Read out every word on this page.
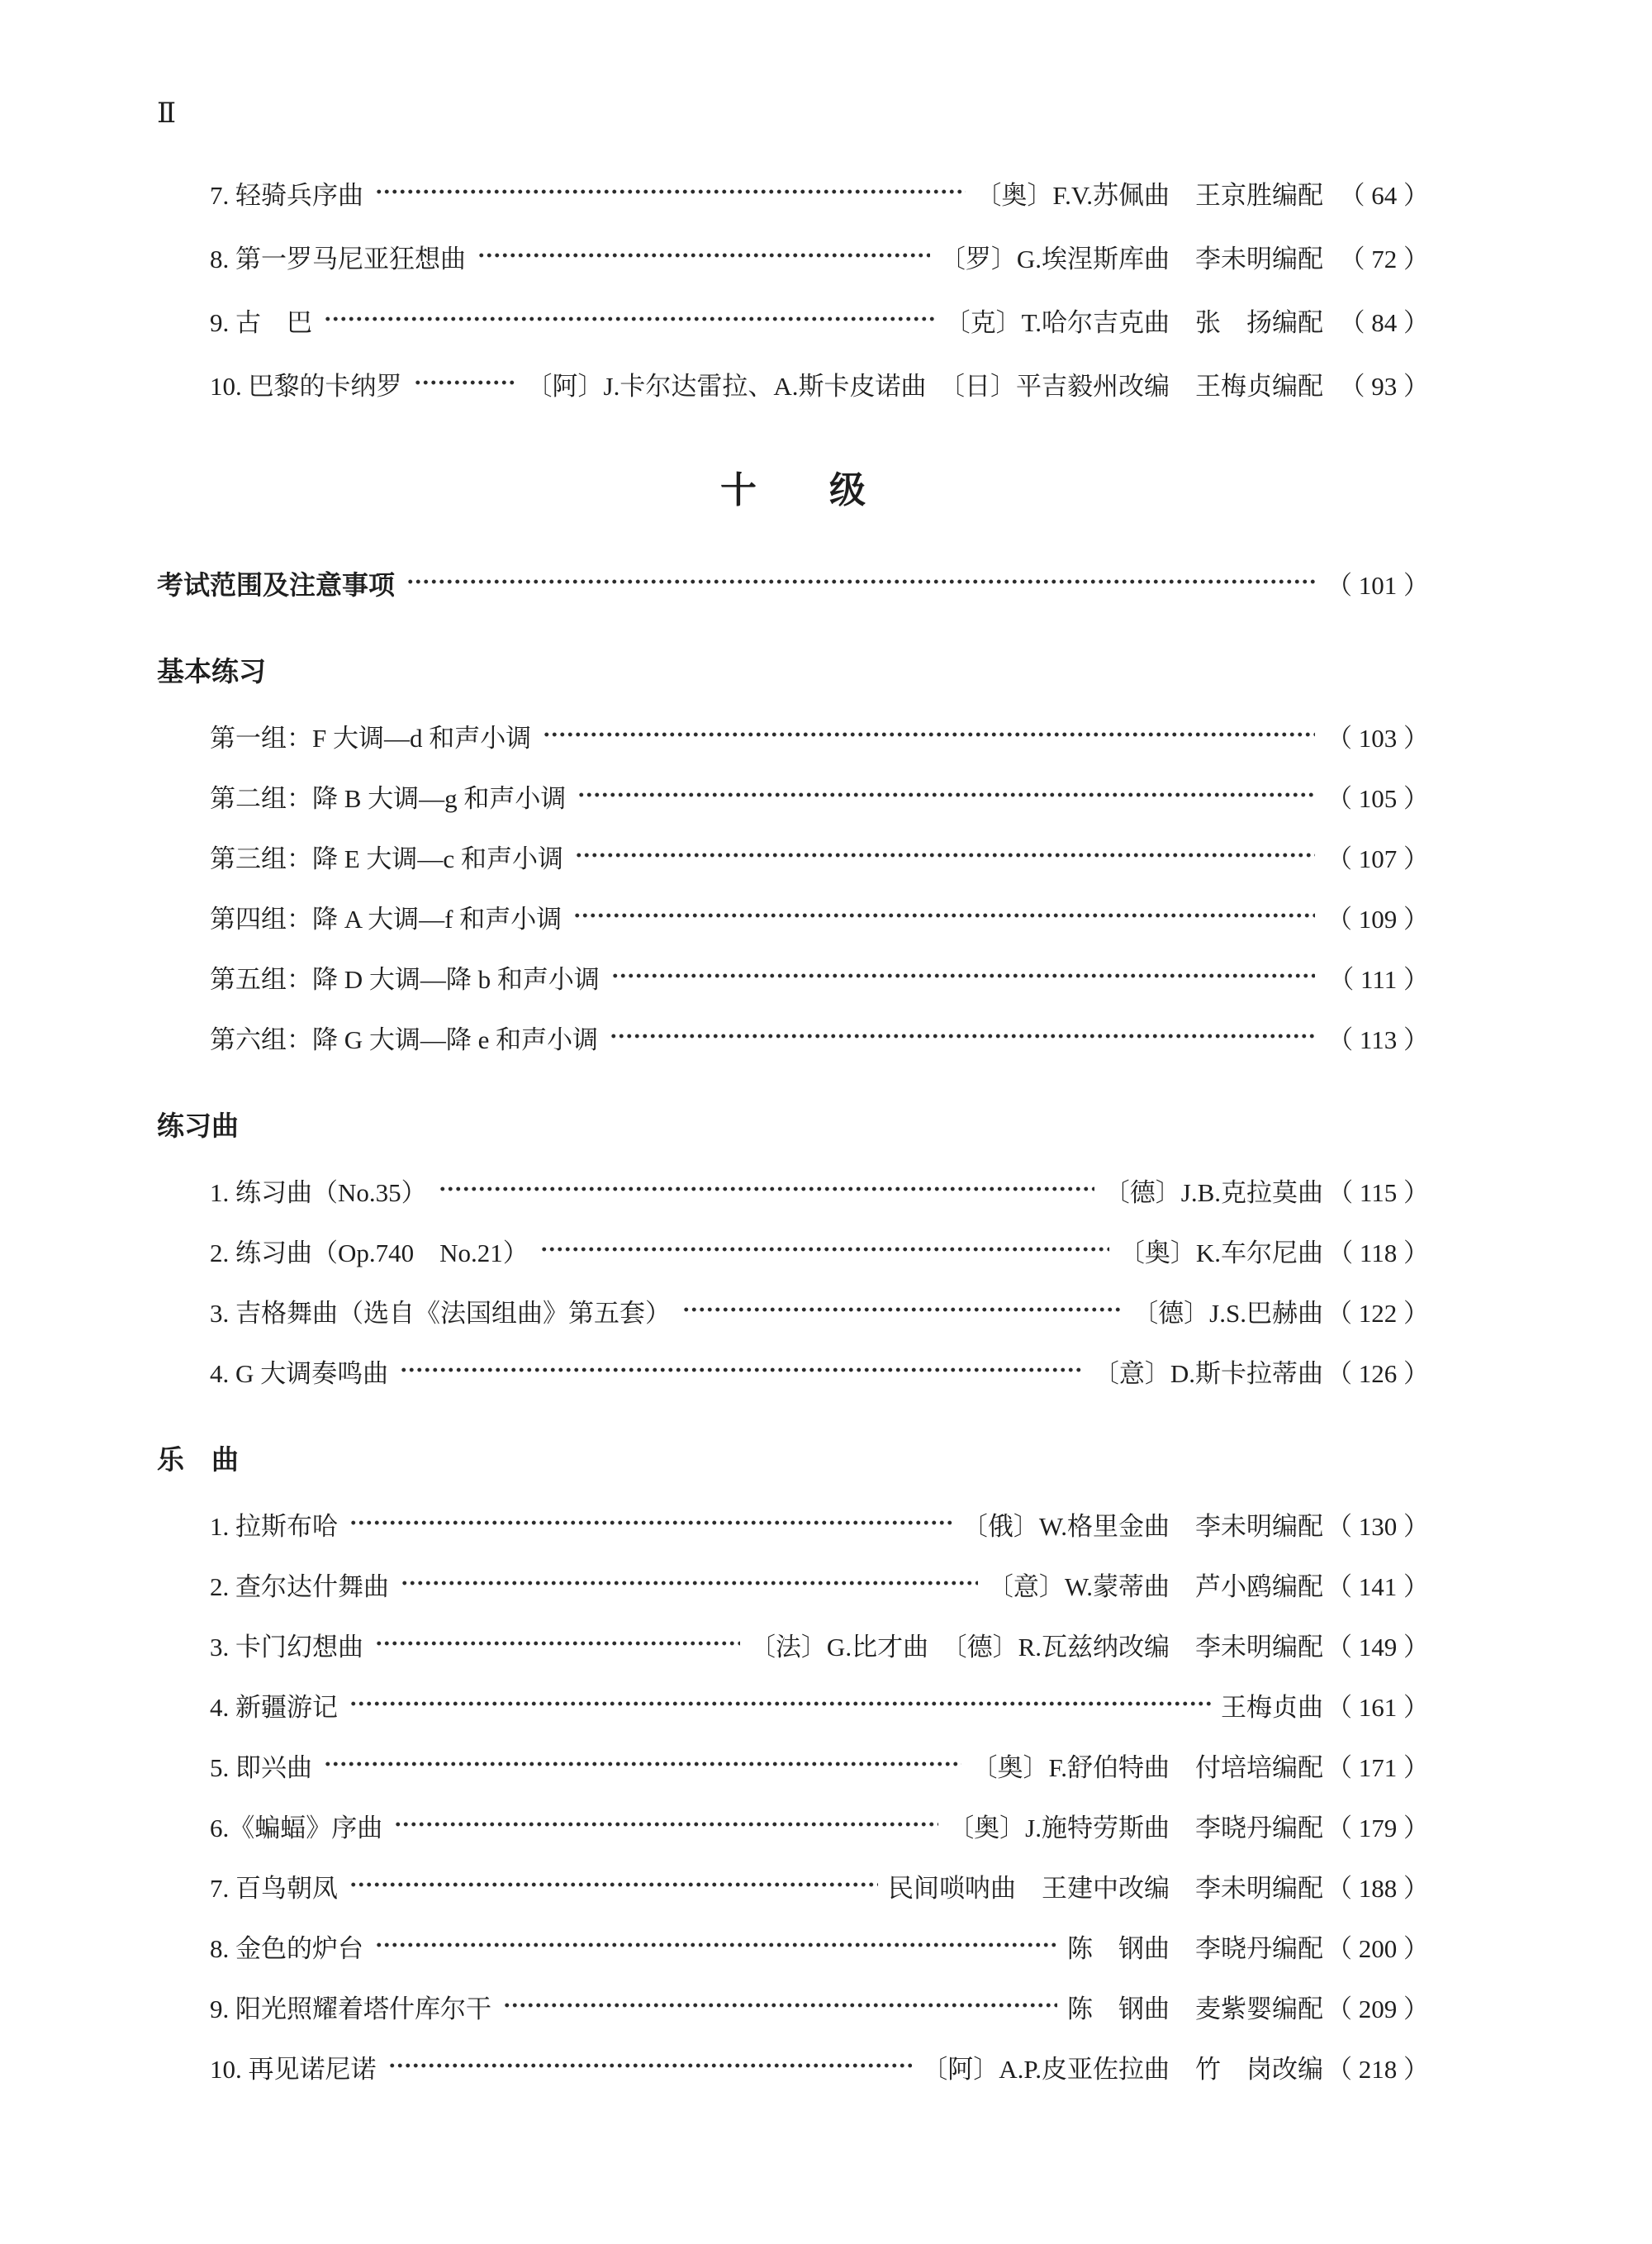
Ⅱ
7. 轻骑兵序曲	〔奥〕F.V.苏佩曲　王京胜编配 （ 64 ）
8. 第一罗马尼亚狂想曲	〔罗〕G.埃涅斯库曲　李未明编配 （ 72 ）
9. 古　巴	〔克〕T.哈尔吉克曲　张　扬编配 （ 84 ）
10. 巴黎的卡纳罗	〔阿〕J.卡尔达雷拉、A.斯卡皮诺曲　〔日〕平吉毅州改编　王梅贞编配 （ 93 ）
十　　级
考试范围及注意事项	（ 101 ）
基本练习
第一组：F 大调—d 和声小调	（ 103 ）
第二组：降 B 大调—g 和声小调	（ 105 ）
第三组：降 E 大调—c 和声小调	（ 107 ）
第四组：降 A 大调—f 和声小调	（ 109 ）
第五组：降 D 大调—降 b 和声小调	（ 111 ）
第六组：降 G 大调—降 e 和声小调	（ 113 ）
练习曲
1. 练习曲（No.35）	〔德〕J.B.克拉莫曲 （ 115 ）
2. 练习曲（Op.740　No.21）	〔奥〕K.车尔尼曲 （ 118 ）
3. 吉格舞曲（选自《法国组曲》第五套）	〔德〕J.S.巴赫曲 （ 122 ）
4. G 大调奏鸣曲	〔意〕D.斯卡拉蒂曲 （ 126 ）
乐　曲
1. 拉斯布哈	〔俄〕W.格里金曲　李未明编配 （ 130 ）
2. 查尔达什舞曲	〔意〕W.蒙蒂曲　芦小鸥编配 （ 141 ）
3. 卡门幻想曲	〔法〕G.比才曲　〔德〕R.瓦兹纳改编　李未明编配 （ 149 ）
4. 新疆游记	王梅贞曲 （ 161 ）
5. 即兴曲	〔奥〕F.舒伯特曲　付培培编配 （ 171 ）
6.《蝙蝠》序曲	〔奥〕J.施特劳斯曲　李晓丹编配 （ 179 ）
7. 百鸟朝凤	民间唢呐曲　王建中改编　李未明编配 （ 188 ）
8. 金色的炉台	陈　钢曲　李晓丹编配 （ 200 ）
9. 阳光照耀着塔什库尔干	陈　钢曲　麦紫婴编配 （ 209 ）
10. 再见诺尼诺	〔阿〕A.P.皮亚佐拉曲　竹　岗改编 （ 218 ）
